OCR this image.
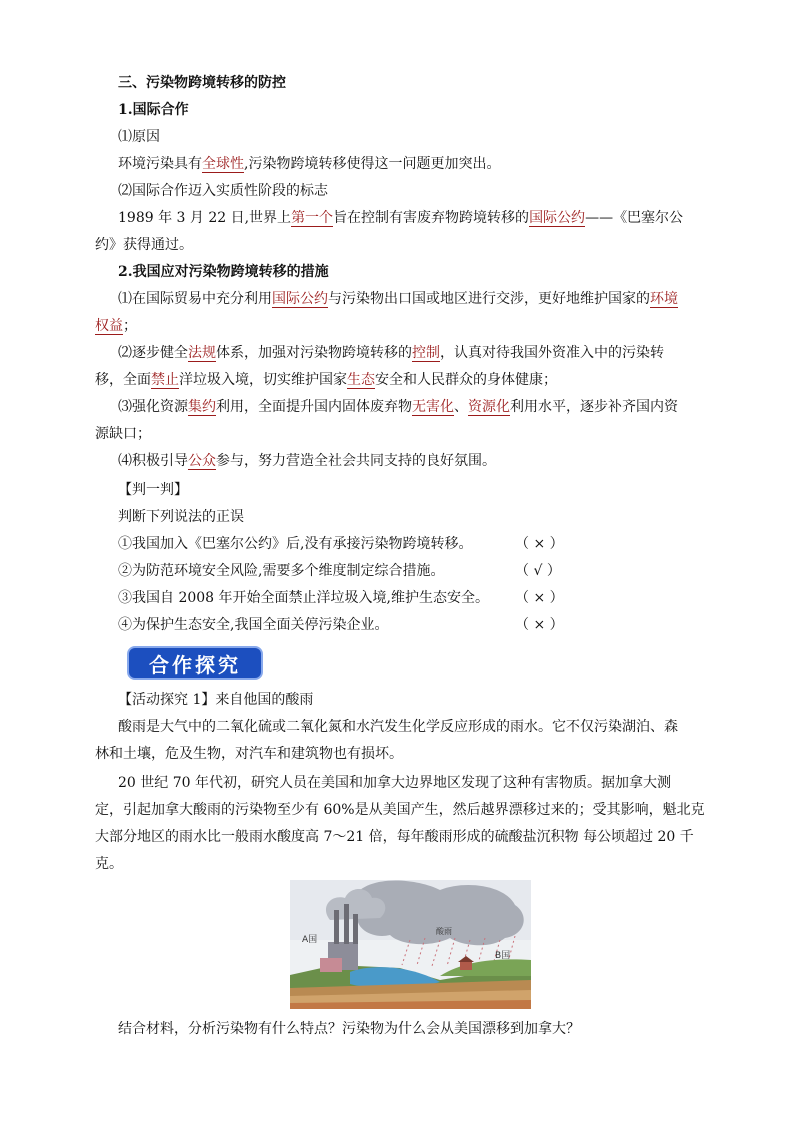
三、污染物跨境转移的防控
1.国际合作
⑴原因
环境污染具有全球性,污染物跨境转移使得这一问题更加突出。
⑵国际合作迈入实质性阶段的标志
1989 年 3 月 22 日,世界上第一个旨在控制有害废弃物跨境转移的国际公约——《巴塞尔公
约》获得通过。
2.我国应对污染物跨境转移的措施
⑴在国际贸易中充分利用国际公约与污染物出口国或地区进行交涉，更好地维护国家的环境
权益；
⑵逐步健全法规体系，加强对污染物跨境转移的控制，认真对待我国外资准入中的污染转
移，全面禁止洋垃圾入境，切实维护国家生态安全和人民群众的身体健康；
⑶强化资源集约利用，全面提升国内固体废弃物无害化、资源化利用水平，逐步补齐国内资
源缺口；
⑷积极引导公众参与，努力营造全社会共同支持的良好氛围。
【判一判】
判断下列说法的正误
①我国加入《巴塞尔公约》后,没有承接污染物跨境转移。	（ × ）
②为防范环境安全风险,需要多个维度制定综合措施。	（ √ ）
③我国自 2008 年开始全面禁止洋垃圾入境,维护生态安全。 （ × ）
④为保护生态安全,我国全面关停污染企业。	（ × ）
合作探究
【活动探究 1】来自他国的酸雨
酸雨是大气中的二氧化硫或二氧化氮和水汽发生化学反应形成的雨水。它不仅污染湖泊、森
林和土壤，危及生物，对汽车和建筑物也有损坏。
20 世纪 70 年代初，研究人员在美国和加拿大边界地区发现了这种有害物质。据加拿大测
定，引起加拿大酸雨的污染物至少有 60%是从美国产生，然后越界漂移过来的；受其影响，魁北克
大部分地区的雨水比一般雨水酸度高 7～21 倍，每年酸雨形成的硫酸盐沉积物 每公顷超过 20 千
克。
A国
酸雨
B国
结合材料，分析污染物有什么特点？污染物为什么会从美国漂移到加拿大？
